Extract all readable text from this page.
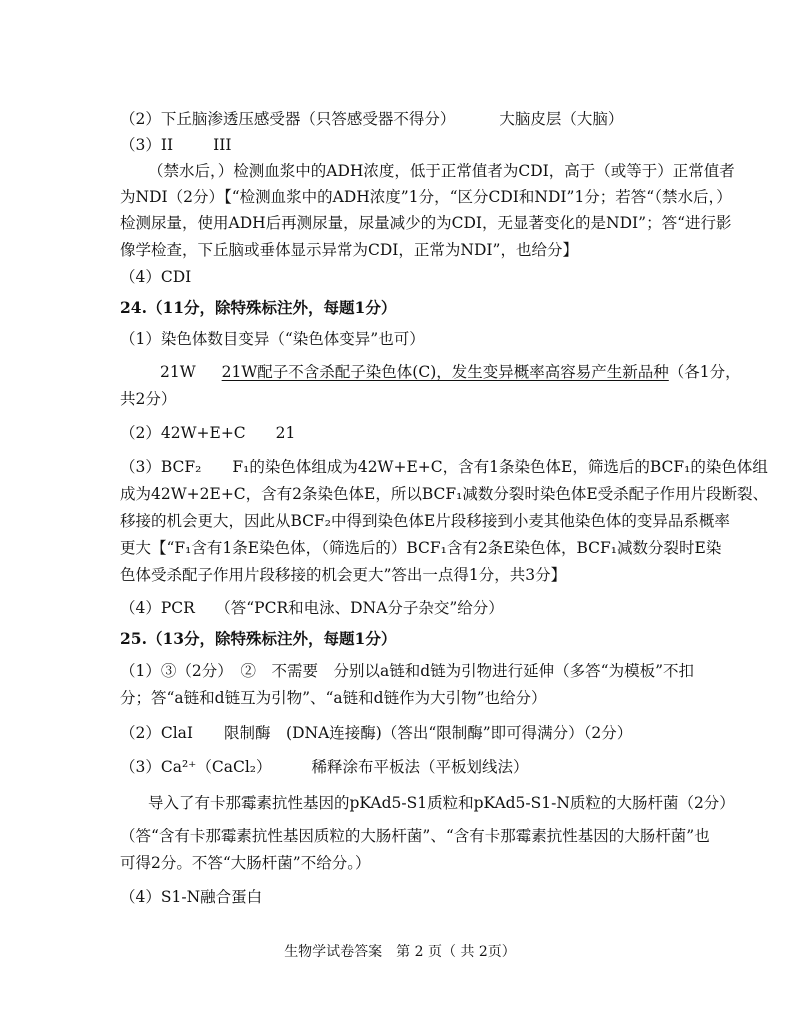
（2）下丘脑渗透压感受器（只答感受器不得分）	大脑皮层（大脑）
（3）II	III
（禁水后，）检测血浆中的ADH浓度，低于正常值者为CDI，高于（或等于）正常值者
为NDI（2分）【“检测血浆中的ADH浓度”1分，“区分CDI和NDI”1分；若答“（禁水后，）
检测尿量，使用ADH后再测尿量，尿量减少的为CDI，无显著变化的是NDI”；答“进行影
像学检查，下丘脑或垂体显示异常为CDI，正常为NDI”，也给分】
（4）CDI
24.（11分，除特殊标注外，每题1分）
（1）染色体数目变异（“染色体变异”也可）
21W 21W配子不含杀配子染色体(C)，发生变异概率高容易产生新品种（各1分，
共2分）
（2）42W+E+C 21
（3）BCF₂　　F₁的染色体组成为42W+E+C，含有1条染色体E，筛选后的BCF₁的染色体组
成为42W+2E+C，含有2条染色体E，所以BCF₁减数分裂时染色体E受杀配子作用片段断裂、
移接的机会更大，因此从BCF₂中得到染色体E片段移接到小麦其他染色体的变异品系概率
更大【“F₁含有1条E染色体，（筛选后的）BCF₁含有2条E染色体，BCF₁减数分裂时E染
色体受杀配子作用片段移接的机会更大”答出一点得1分，共3分】
（4）PCR　 （答“PCR和电泳、DNA分子杂交”给分）
25.（13分，除特殊标注外，每题1分）
（1）③（2分）　②　不需要　分别以a链和d链为引物进行延伸（多答“为模板”不扣
分；答“a链和d链互为引物”、“a链和d链作为大引物”也给分）
（2）ClaI　　限制酶　(DNA连接酶)（答出“限制酶”即可得满分）（2分）
（3）Ca²⁺（CaCl₂）	稀释涂布平板法（平板划线法）
导入了有卡那霉素抗性基因的pKAd5-S1质粒和pKAd5-S1-N质粒的大肠杆菌（2分）
（答“含有卡那霉素抗性基因质粒的大肠杆菌”、“含有卡那霉素抗性基因的大肠杆菌”也
可得2分。不答“大肠杆菌”不给分。）
（4）S1-N融合蛋白
生物学试卷答案　第 2 页（ 共 2页）
